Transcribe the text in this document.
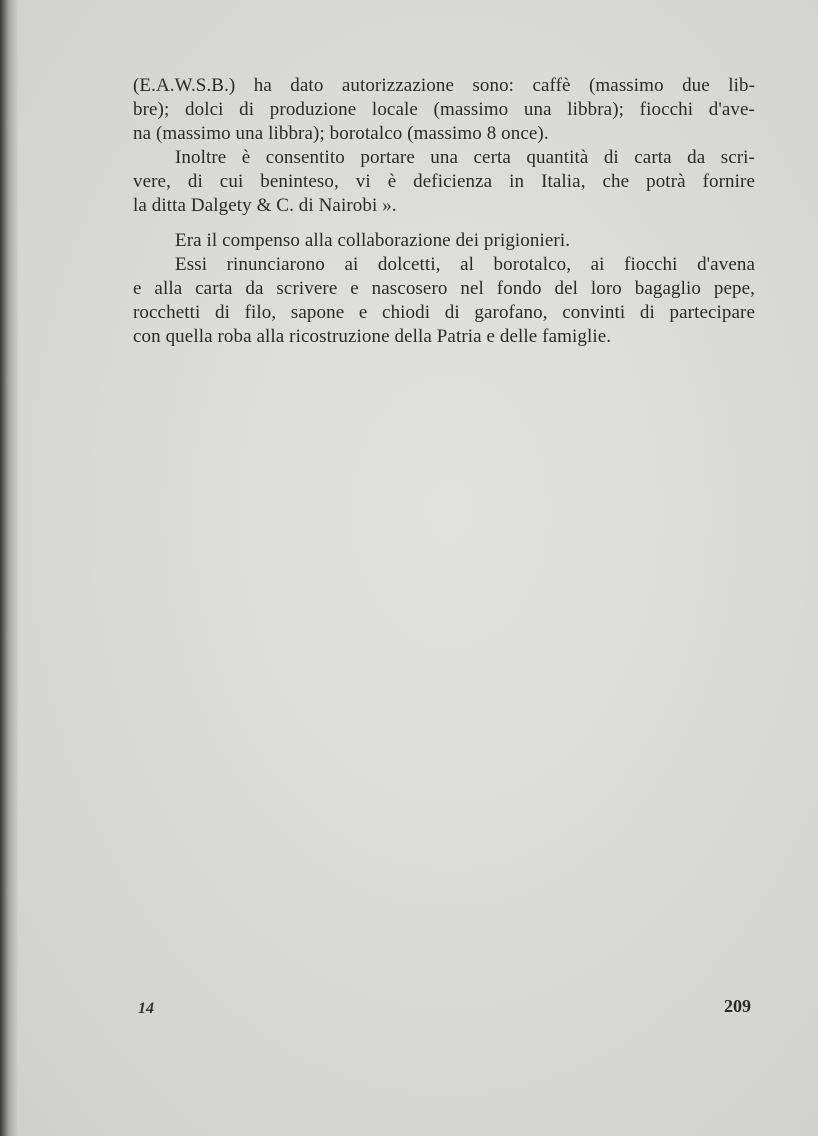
(E.A.W.S.B.) ha dato autorizzazione sono: caffè (massimo due lib-
bre); dolci di produzione locale (massimo una libbra); fiocchi d'ave-
na (massimo una libbra); borotalco (massimo 8 once).

Inoltre è consentito portare una certa quantità di carta da scri-
vere, di cui beninteso, vi è deficienza in Italia, che potrà fornire
la ditta Dalgety & C. di Nairobi ».

Era il compenso alla collaborazione dei prigionieri.

Essi rinunciarono ai dolcetti, al borotalco, ai fiocchi d'avena
e alla carta da scrivere e nascosero nel fondo del loro bagaglio pepe,
rocchetti di filo, sapone e chiodi di garofano, convinti di partecipare
con quella roba alla ricostruzione della Patria e delle famiglie.

14	209
